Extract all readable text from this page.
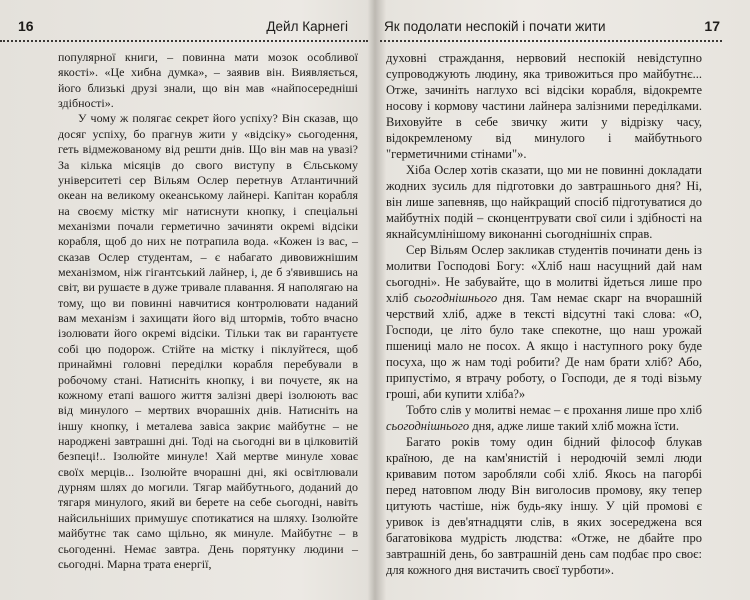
16	Дейл Карнегі

популярної книги, – повинна мати мозок особливої якості». «Це хибна думка», – заявив він. Виявляється, його близькі друзі знали, що він мав «найпосередніші здібності».

У чому ж полягає секрет його успіху? Він сказав, що досяг успіху, бо прагнув жити у «відсіку» сьогодення, геть відмежованому від решти днів. Що він мав на увазі? За кілька місяців до свого виступу в Єльському університеті сер Вільям Ослер перетнув Атлантичний океан на великому океанському лайнері. Капітан корабля на своєму містку міг натиснути кнопку, і спеціальні механізми почали герметично зачиняти окремі відсіки корабля, щоб до них не потрапила вода. «Кожен із вас, – сказав Ослер студентам, – є набагато дивовижнішим механізмом, ніж гігантський лайнер, і, де б з'явившись на світ, ви рушаєте в дуже тривале плавання. Я наполягаю на тому, що ви повинні навчитися контролювати наданий вам механізм і захищати його від штормів, тобто вчасно ізолювати його окремі відсіки. Тільки так ви гарантуєте собі цю подорож. Стійте на містку і піклуйтеся, щоб принаймні головні переділки корабля перебували в робочому стані. Натисніть кнопку, і ви почуєте, як на кожному етапі вашого життя залізні двері ізолюють вас від минулого – мертвих вчорашніх днів. Натисніть на іншу кнопку, і металева завіса закриє майбутнє – не народжені завтрашні дні. Тоді на сьогодні ви в цілковитій безпеці!.. Ізолюйте минуле! Хай мертве минуле ховає своїх мерців... Ізолюйте вчорашні дні, які освітлювали дурням шлях до могили. Тягар майбутнього, доданий до тягаря минулого, який ви берете на себе сьогодні, навіть найсильніших примушує спотикатися на шляху. Ізолюйте майбутнє так само щільно, як минуле. Майбутнє – в сьогоденні. Немає завтра. День порятунку людини – сьогодні. Марна трата енергії,

Як подолати неспокій і почати жити	17

духовні страждання, нервовий неспокій невідступно супроводжують людину, яка тривожиться про майбутнє... Отже, зачиніть наглухо всі відсіки корабля, відокремте носову і кормову частини лайнера залізними переділками. Виховуйте в себе звичку жити у відрізку часу, відокремленому від минулого і майбутнього "герметичними стінами"».

Хіба Ослер хотів сказати, що ми не повинні докладати жодних зусиль для підготовки до завтрашнього дня? Ні, він лише запевняв, що найкращий спосіб підготуватися до майбутніх подій – сконцентрувати свої сили і здібності на якнайсумлінішому виконанні сьогоднішніх справ.

Сер Вільям Ослер закликав студентів починати день із молитви Господові Богу: «Хліб наш насущний дай нам сьогодні». Не забувайте, що в молитві йдеться лише про хліб сьогоднішнього дня. Там немає скарг на вчорашній черствий хліб, адже в тексті відсутні такі слова: «О, Господи, це літо було таке спекотне, що наш урожай пшениці мало не посох. А якщо і наступного року буде посуха, що ж нам тоді робити? Де нам брати хліб? Або, припустімо, я втрачу роботу, о Господи, де я тоді візьму гроші, аби купити хліба?»

Тобто слів у молитві немає – є прохання лише про хліб сьогоднішнього дня, адже лише такий хліб можна їсти.

Багато років тому один бідний філософ блукав країною, де на кам'янистій і неродючій землі люди кривавим потом заробляли собі хліб. Якось на пагорбі перед натовпом люду Він виголосив промову, яку тепер цитують частіше, ніж будь-яку іншу. У цій промові є уривок із дев'ятнадцяти слів, в яких зосереджена вся багатовікова мудрість людства: «Отже, не дбайте про завтрашній день, бо завтрашній день сам подбає про своє: для кожного дня вистачить своєї турботи».
